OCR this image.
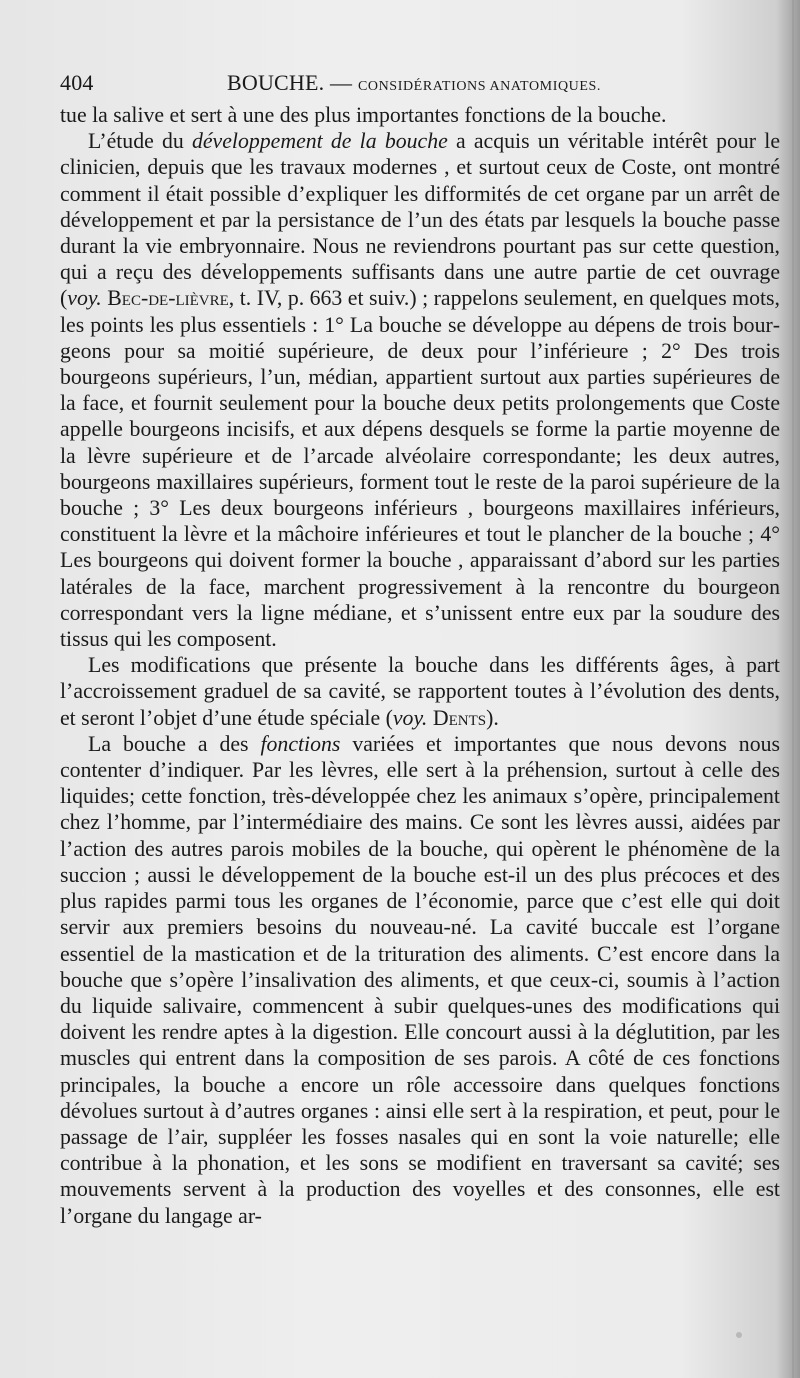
404	BOUCHE. — CONSIDÉRATIONS ANATOMIQUES.

tue la salive et sert à une des plus importantes fonctions de la bouche.

L’étude du développement de la bouche a acquis un véritable intérêt pour le clinicien, depuis que les travaux modernes , et surtout ceux de Coste, ont montré comment il était possible d’expliquer les difformités de cet organe par un arrêt de développement et par la persistance de l’un des états par lesquels la bouche passe durant la vie embryonnaire. Nous ne reviendrons pourtant pas sur cette question, qui a reçu des développements suffisants dans une autre partie de cet ouvrage (voy. Bec-de-lièvre, t. IV, p. 663 et suiv.) ; rappelons seulement, en quelques mots, les points les plus essentiels : 1° La bouche se développe au dépens de trois bourgeons pour sa moitié supérieure, de deux pour l’inférieure ; 2° Des trois bourgeons supérieurs, l’un, médian, appartient surtout aux parties supérieures de la face, et fournit seulement pour la bouche deux petits prolongements que Coste appelle bourgeons incisifs, et aux dépens desquels se forme la partie moyenne de la lèvre supérieure et de l’arcade alvéolaire correspondante; les deux autres, bourgeons maxillaires supérieurs, forment tout le reste de la paroi supérieure de la bouche ; 3° Les deux bourgeons inférieurs , bourgeons maxillaires inférieurs, constituent la lèvre et la mâchoire inférieures et tout le plancher de la bouche ; 4° Les bourgeons qui doivent former la bouche , apparaissant d’abord sur les parties latérales de la face, marchent progressivement à la rencontre du bourgeon correspondant vers la ligne médiane, et s’unissent entre eux par la soudure des tissus qui les composent.

Les modifications que présente la bouche dans les différents âges, à part l’accroissement graduel de sa cavité, se rapportent toutes à l’évolution des dents, et seront l’objet d’une étude spéciale (voy. Dents).

La bouche a des fonctions variées et importantes que nous devons nous contenter d’indiquer. Par les lèvres, elle sert à la préhension, surtout à celle des liquides; cette fonction, très-développée chez les animaux s’opère, principalement chez l’homme, par l’intermédiaire des mains. Ce sont les lèvres aussi, aidées par l’action des autres parois mobiles de la bouche, qui opèrent le phénomène de la succion ; aussi le développement de la bouche est-il un des plus précoces et des plus rapides parmi tous les organes de l’économie, parce que c’est elle qui doit servir aux premiers besoins du nouveau-né. La cavité buccale est l’organe essentiel de la mastication et de la trituration des aliments. C’est encore dans la bouche que s’opère l’insalivation des aliments, et que ceux-ci, soumis à l’action du liquide salivaire, commencent à subir quelques-unes des modifications qui doivent les rendre aptes à la digestion. Elle concourt aussi à la déglutition, par les muscles qui entrent dans la composition de ses parois. A côté de ces fonctions principales, la bouche a encore un rôle accessoire dans quelques fonctions dévolues surtout à d’autres organes : ainsi elle sert à la respiration, et peut, pour le passage de l’air, suppléer les fosses nasales qui en sont la voie naturelle; elle contribue à la phonation, et les sons se modifient en traversant sa cavité; ses mouvements servent à la production des voyelles et des consonnes, elle est l’organe du langage ar-
